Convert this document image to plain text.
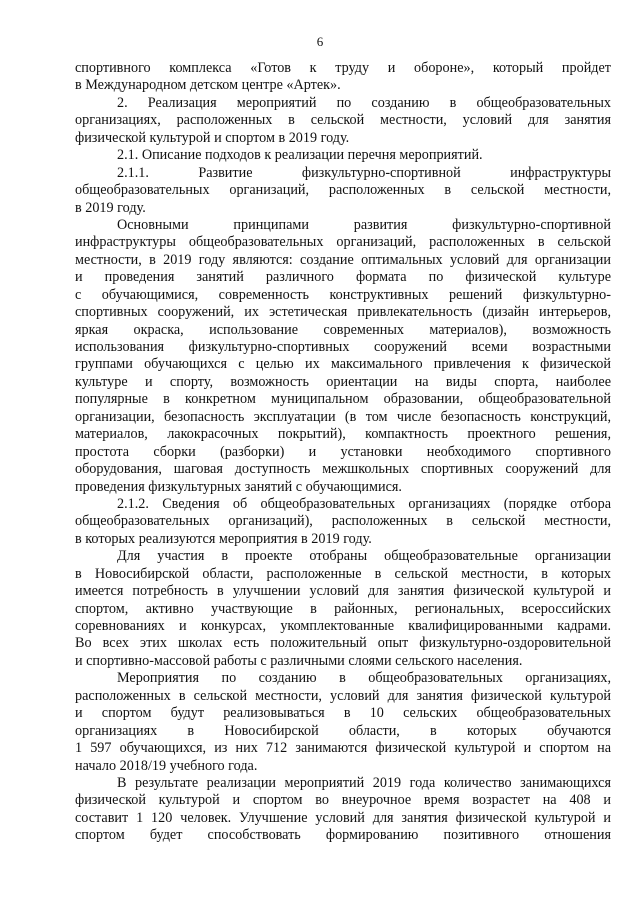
6
спортивного комплекса «Готов к труду и обороне», который пройдет
в Международном детском центре «Артек».
2. Реализация мероприятий по созданию в общеобразовательных
организациях, расположенных в сельской местности, условий для занятия
физической культурой и спортом в 2019 году.
2.1. Описание подходов к реализации перечня мероприятий.
2.1.1. Развитие физкультурно-спортивной инфраструктуры
общеобразовательных организаций, расположенных в сельской местности,
в 2019 году.
Основными принципами развития физкультурно-спортивной
инфраструктуры общеобразовательных организаций, расположенных в сельской
местности, в 2019 году являются: создание оптимальных условий для организации
и проведения занятий различного формата по физической культуре
с обучающимися, современность конструктивных решений физкультурно-
спортивных сооружений, их эстетическая привлекательность (дизайн интерьеров,
яркая окраска, использование современных материалов), возможность
использования физкультурно-спортивных сооружений всеми возрастными
группами обучающихся с целью их максимального привлечения к физической
культуре и спорту, возможность ориентации на виды спорта, наиболее
популярные в конкретном муниципальном образовании, общеобразовательной
организации, безопасность эксплуатации (в том числе безопасность конструкций,
материалов, лакокрасочных покрытий), компактность проектного решения,
простота сборки (разборки) и установки необходимого спортивного
оборудования, шаговая доступность межшкольных спортивных сооружений для
проведения физкультурных занятий с обучающимися.
2.1.2. Сведения об общеобразовательных организациях (порядке отбора
общеобразовательных организаций), расположенных в сельской местности,
в которых реализуются мероприятия в 2019 году.
Для участия в проекте отобраны общеобразовательные организации
в Новосибирской области, расположенные в сельской местности, в которых
имеется потребность в улучшении условий для занятия физической культурой и
спортом, активно участвующие в районных, региональных, всероссийских
соревнованиях и конкурсах, укомплектованные квалифицированными кадрами.
Во всех этих школах есть положительный опыт физкультурно-оздоровительной
и спортивно-массовой работы с различными слоями сельского населения.
Мероприятия по созданию в общеобразовательных организациях,
расположенных в сельской местности, условий для занятия физической культурой
и спортом будут реализовываться в 10 сельских общеобразовательных
организациях в Новосибирской области, в которых обучаются
1 597 обучающихся, из них 712 занимаются физической культурой и спортом на
начало 2018/19 учебного года.
В результате реализации мероприятий 2019 года количество занимающихся
физической культурой и спортом во внеурочное время возрастет на 408 и
составит 1 120 человек. Улучшение условий для занятия физической культурой и
спортом будет способствовать формированию позитивного отношения
